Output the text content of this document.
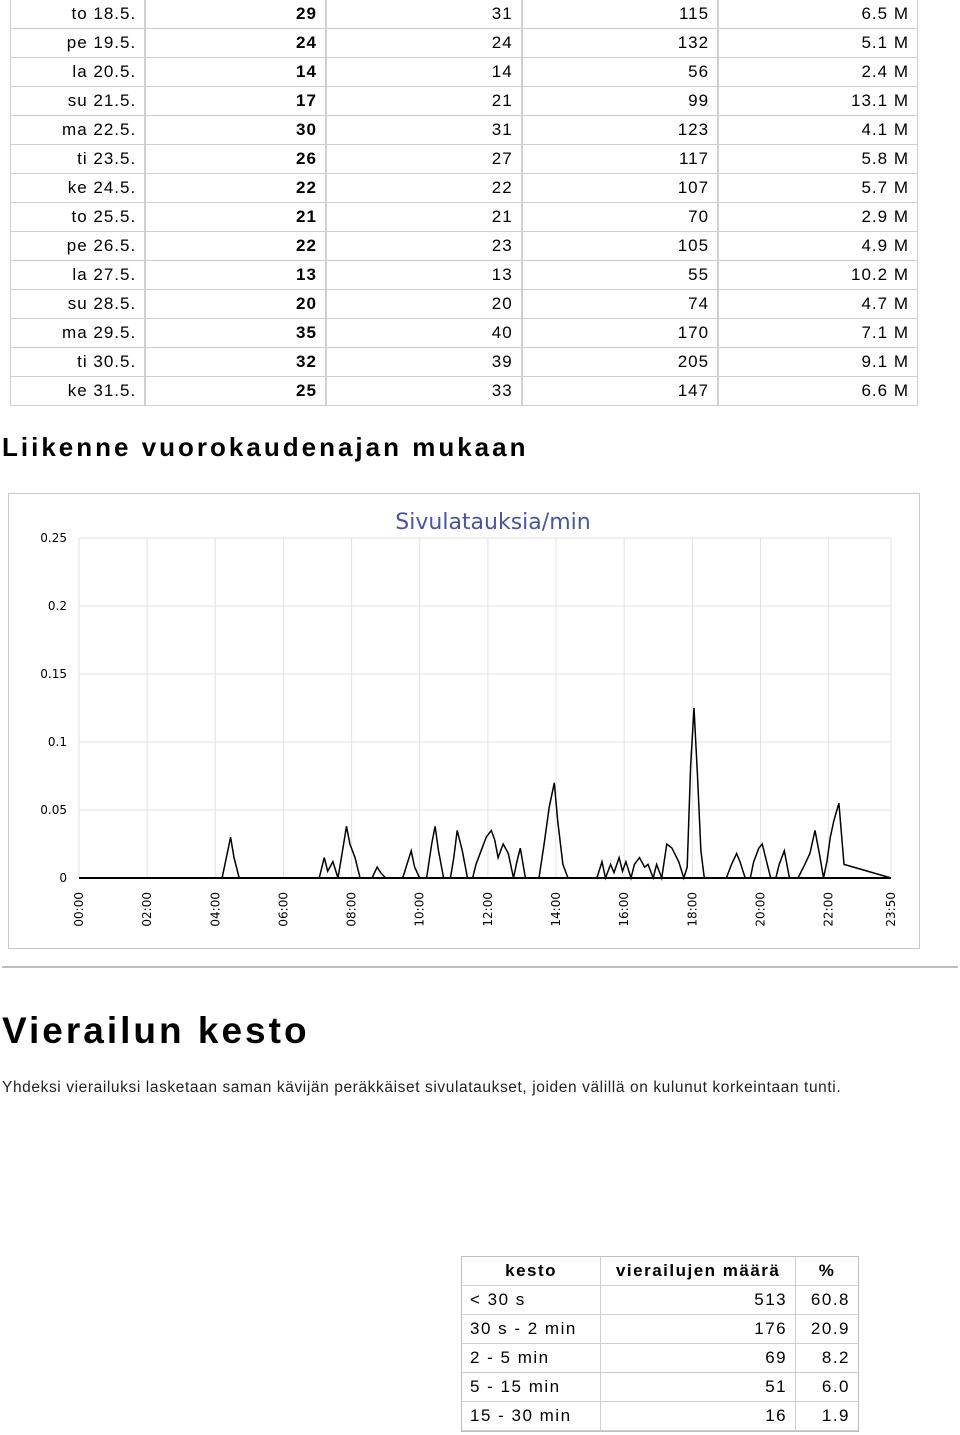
to 18.5.	29	31	115	6.5 M
pe 19.5.	24	24	132	5.1 M
la 20.5.	14	14	56	2.4 M
su 21.5.	17	21	99	13.1 M
ma 22.5.	30	31	123	4.1 M
ti 23.5.	26	27	117	5.8 M
ke 24.5.	22	22	107	5.7 M
to 25.5.	21	21	70	2.9 M
pe 26.5.	22	23	105	4.9 M
la 27.5.	13	13	55	10.2 M
su 28.5.	20	20	74	4.7 M
ma 29.5.	35	40	170	7.1 M
ti 30.5.	32	39	205	9.1 M
ke 31.5.	25	33	147	6.6 M
Liikenne vuorokaudenajan mukaan
Sivulatauksia/min
0
0.05
0.1
0.15
0.2
0.25
00:00	02:00	04:00	06:00	08:00	10:00	12:00	14:00	16:00	18:00	20:00	22:00	23:50
Vierailun kesto

Yhdeksi vierailuksi lasketaan saman kävijän peräkkäiset sivulataukset, joiden välillä on kulunut korkeintaan tunti.

kesto	vierailujen määrä	%
< 30 s	513	60.8
30 s - 2 min	176	20.9
2 - 5 min	69	8.2
5 - 15 min	51	6.0
15 - 30 min	16	1.9
